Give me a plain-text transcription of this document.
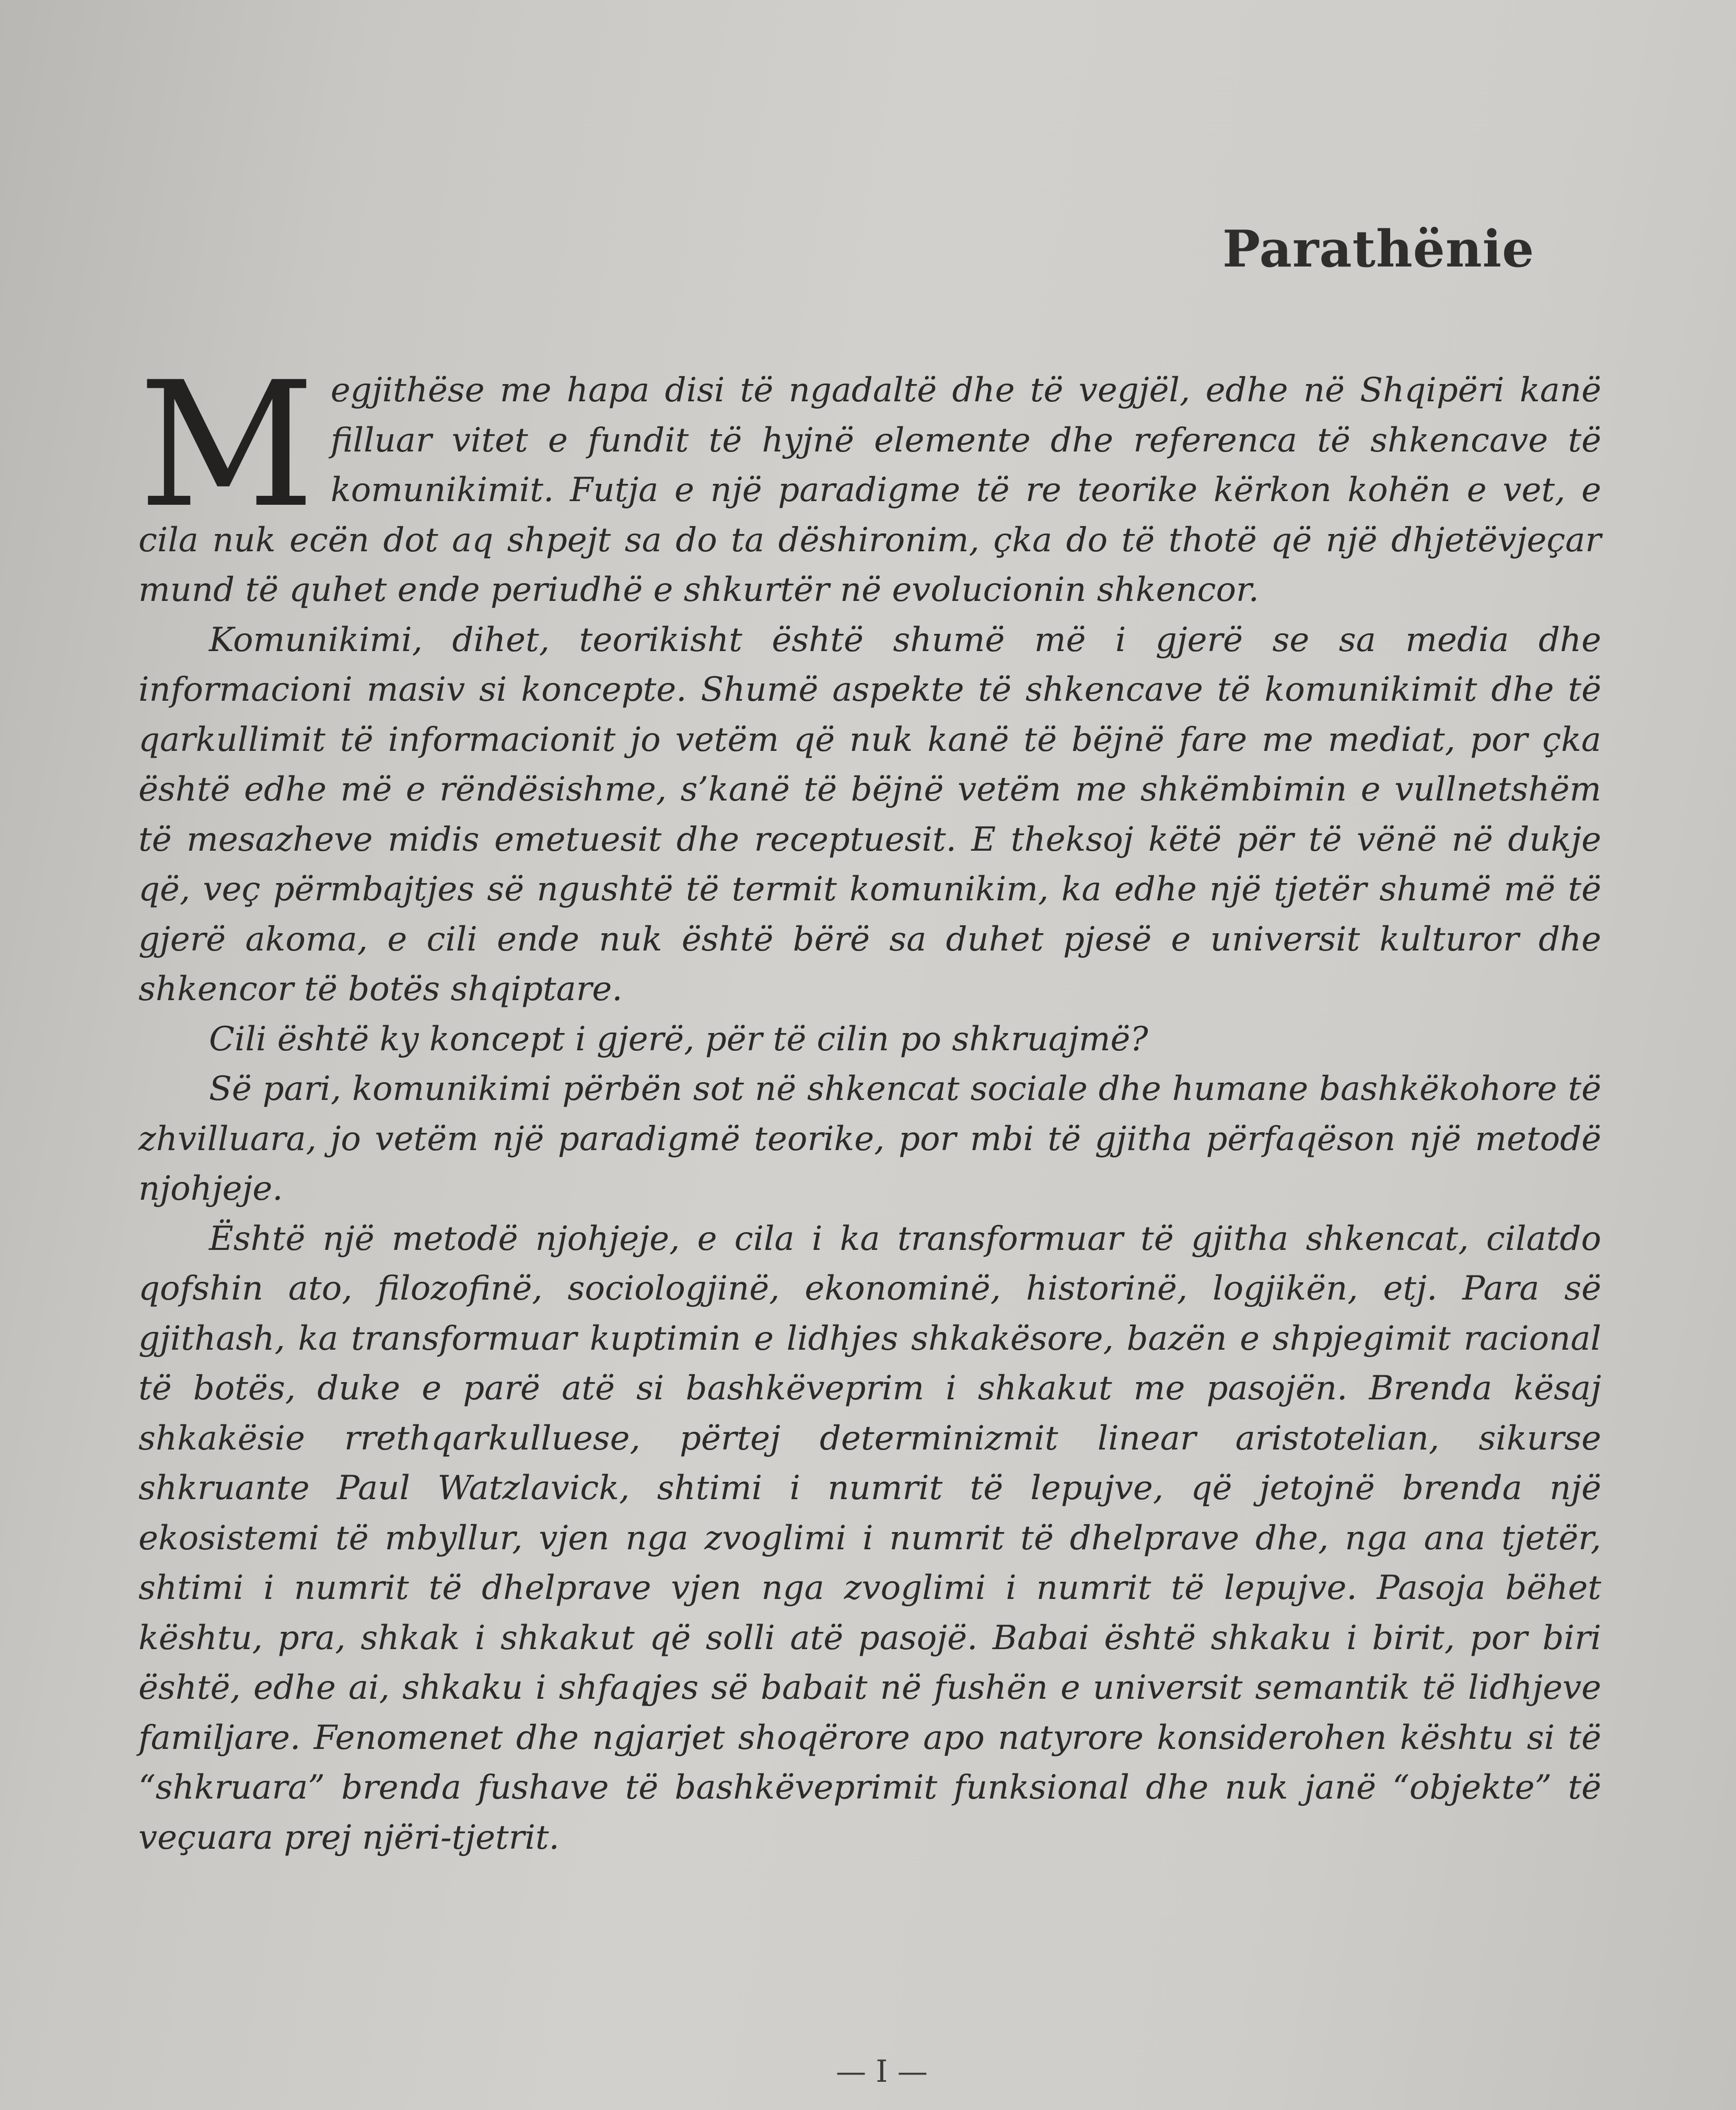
Parathënie

Megjithëse me hapa disi të ngadaltë dhe të vegjël, edhe në Shqipëri kanë filluar vitet e fundit të hyjnë elemente dhe referenca të shkencave të komunikimit. Futja e një paradigme të re teorike kërkon kohën e vet, e cila nuk ecën dot aq shpejt sa do ta dëshironim, çka do të thotë që një dhjetëvjeçar mund të quhet ende periudhë e shkurtër në evolucionin shkencor.

Komunikimi, dihet, teorikisht është shumë më i gjerë se sa media dhe informacioni masiv si koncepte. Shumë aspekte të shkencave të komunikimit dhe të qarkullimit të informacionit jo vetëm që nuk kanë të bëjnë fare me mediat, por çka është edhe më e rëndësishme, s’kanë të bëjnë vetëm me shkëmbimin e vullnetshëm të mesazheve midis emetuesit dhe receptuesit. E theksoj këtë për të vënë në dukje që, veç përmbajtjes së ngushtë të termit komunikim, ka edhe një tjetër shumë më të gjerë akoma, e cili ende nuk është bërë sa duhet pjesë e universit kulturor dhe shkencor të botës shqiptare.

Cili është ky koncept i gjerë, për të cilin po shkruajmë?

Së pari, komunikimi përbën sot në shkencat sociale dhe humane bashkëkohore të zhvilluara, jo vetëm një paradigmë teorike, por mbi të gjitha përfaqëson një metodë njohjeje.

Është një metodë njohjeje, e cila i ka transformuar të gjitha shkencat, cilatdo qofshin ato, filozofinë, sociologjinë, ekonominë, historinë, logjikën, etj. Para së gjithash, ka transformuar kuptimin e lidhjes shkakësore, bazën e shpjegimit racional të botës, duke e parë atë si bashkëveprim i shkakut me pasojën. Brenda kësaj shkakësie rrethqarkulluese, përtej determinizmit linear aristotelian, sikurse shkruante Paul Watzlavick, shtimi i numrit të lepujve, që jetojnë brenda një ekosistemi të mbyllur, vjen nga zvoglimi i numrit të dhelprave dhe, nga ana tjetër, shtimi i numrit të dhelprave vjen nga zvoglimi i numrit të lepujve. Pasoja bëhet kështu, pra, shkak i shkakut që solli atë pasojë. Babai është shkaku i birit, por biri është, edhe ai, shkaku i shfaqjes së babait në fushën e universit semantik të lidhjeve familjare. Fenomenet dhe ngjarjet shoqërore apo natyrore konsiderohen kështu si të “shkruara” brenda fushave të bashkëveprimit funksional dhe nuk janë “objekte” të veçuara prej njëri-tjetrit.

— I —
